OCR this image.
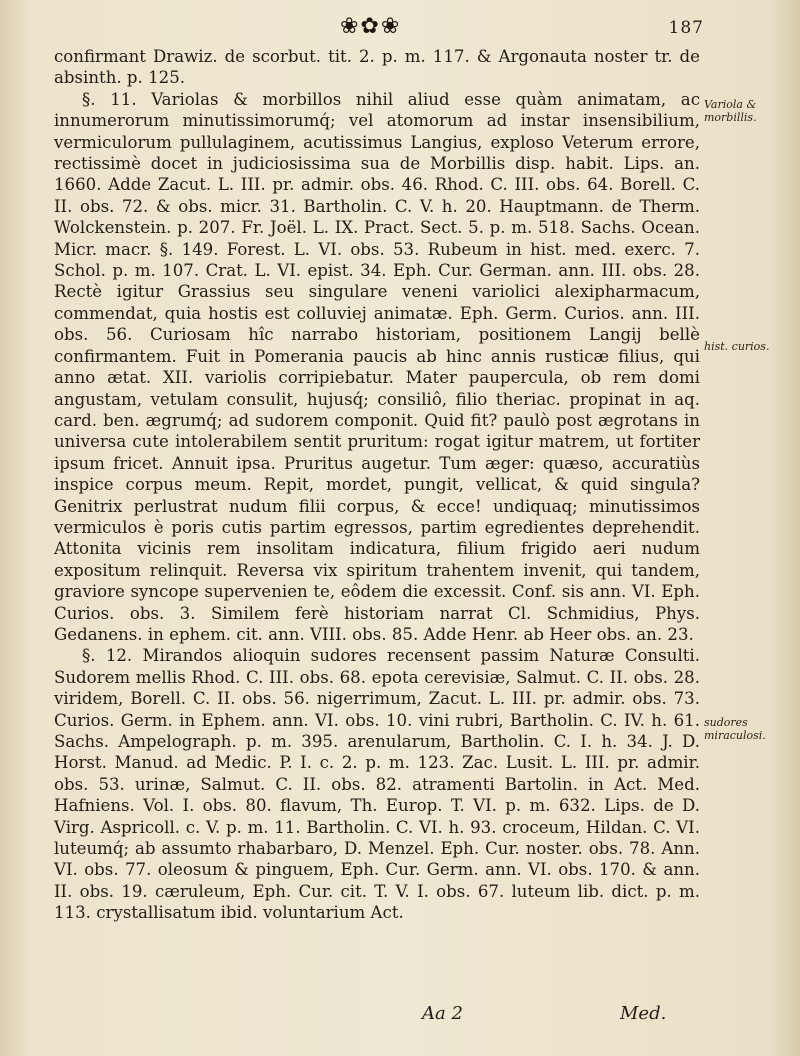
❀✿❀	187

confirmant Drawiz. de scorbut. tit. 2. p. m. 117. & Argonauta noster tr. de absinth. p. 125.

§. 11. Variolas & morbillos nihil aliud esse quàm animatam, ac innumerorum minutissimorumq́; vel atomorum ad instar insensibilium, vermiculorum pullulaginem, acutissimus Langius, exploso Veterum errore, rectissimè docet in judiciosissima sua de Morbillis disp. habit. Lips. an. 1660. Adde Zacut. L. III. pr. admir. obs. 46. Rhod. C. III. obs. 64. Borell. C. II. obs. 72. & obs. micr. 31. Bartholin. C. V. h. 20. Hauptmann. de Therm. Wolckenstein. p. 207. Fr. Joël. L. IX. Pract. Sect. 5. p. m. 518. Sachs. Ocean. Micr. macr. §. 149. Forest. L. VI. obs. 53. Rubeum in hist. med. exerc. 7. Schol. p. m. 107. Crat. L. VI. epist. 34. Eph. Cur. German. ann. III. obs. 28. Rectè igitur Grassius seu singulare veneni variolici alexipharmacum, commendat, quia hostis est colluviej animatæ. Eph. Germ. Curios. ann. III. obs. 56. Curiosam hîc narrabo historiam, positionem Langij bellè confirmantem. Fuit in Pomerania paucis ab hinc annis rusticæ filius, qui anno ætat. XII. variolis corripiebatur. Mater paupercula, ob rem domi angustam, vetulam consulit, hujusq́; consiliô, filio theriac. propinat in aq. card. ben. ægrumq́; ad sudorem componit. Quid fit? paulò post ægrotans in universa cute intolerabilem sentit pruritum: rogat igitur matrem, ut fortiter ipsum fricet. Annuit ipsa. Pruritus augetur. Tum æger: quæso, accuratiùs inspice corpus meum. Repit, mordet, pungit, vellicat, & quid singula? Genitrix perlustrat nudum filii corpus, & ecce! undiquaq; minutissimos vermiculos è poris cutis partim egressos, partim egredientes deprehendit. Attonita vicinis rem insolitam indicatura, filium frigido aeri nudum expositum relinquit. Reversa vix spiritum trahentem invenit, qui tandem, graviore syncope supervenien te, eôdem die excessit. Conf. sis ann. VI. Eph. Curios. obs. 3. Similem ferè historiam narrat Cl. Schmidius, Phys. Gedanens. in ephem. cit. ann. VIII. obs. 85. Adde Henr. ab Heer obs. an. 23.

§. 12. Mirandos alioquin sudores recensent passim Naturæ Consulti. Sudorem mellis Rhod. C. III. obs. 68. epota cerevisiæ, Salmut. C. II. obs. 28. viridem, Borell. C. II. obs. 56. nigerrimum, Zacut. L. III. pr. admir. obs. 73. Curios. Germ. in Ephem. ann. VI. obs. 10. vini rubri, Bartholin. C. IV. h. 61. Sachs. Ampelograph. p. m. 395. arenularum, Bartholin. C. I. h. 34. J. D. Horst. Manud. ad Medic. P. I. c. 2. p. m. 123. Zac. Lusit. L. III. pr. admir. obs. 53. urinæ, Salmut. C. II. obs. 82. atramenti Bartolin. in Act. Med. Hafniens. Vol. I. obs. 80. flavum, Th. Europ. T. VI. p. m. 632. Lips. de D. Virg. Aspricoll. c. V. p. m. 11. Bartholin. C. VI. h. 93. croceum, Hildan. C. VI. luteumq́; ab assumto rhabarbaro, D. Menzel. Eph. Cur. noster. obs. 78. Ann. VI. obs. 77. oleosum & pinguem, Eph. Cur. Germ. ann. VI. obs. 170. & ann. II. obs. 19. cæruleum, Eph. Cur. cit. T. V. I. obs. 67. luteum lib. dict. p. m. 113. crystallisatum ibid. voluntarium Act.

Variola & morbillis.
hist. curios.
sudores miraculosi.
Aa 2	Med.
